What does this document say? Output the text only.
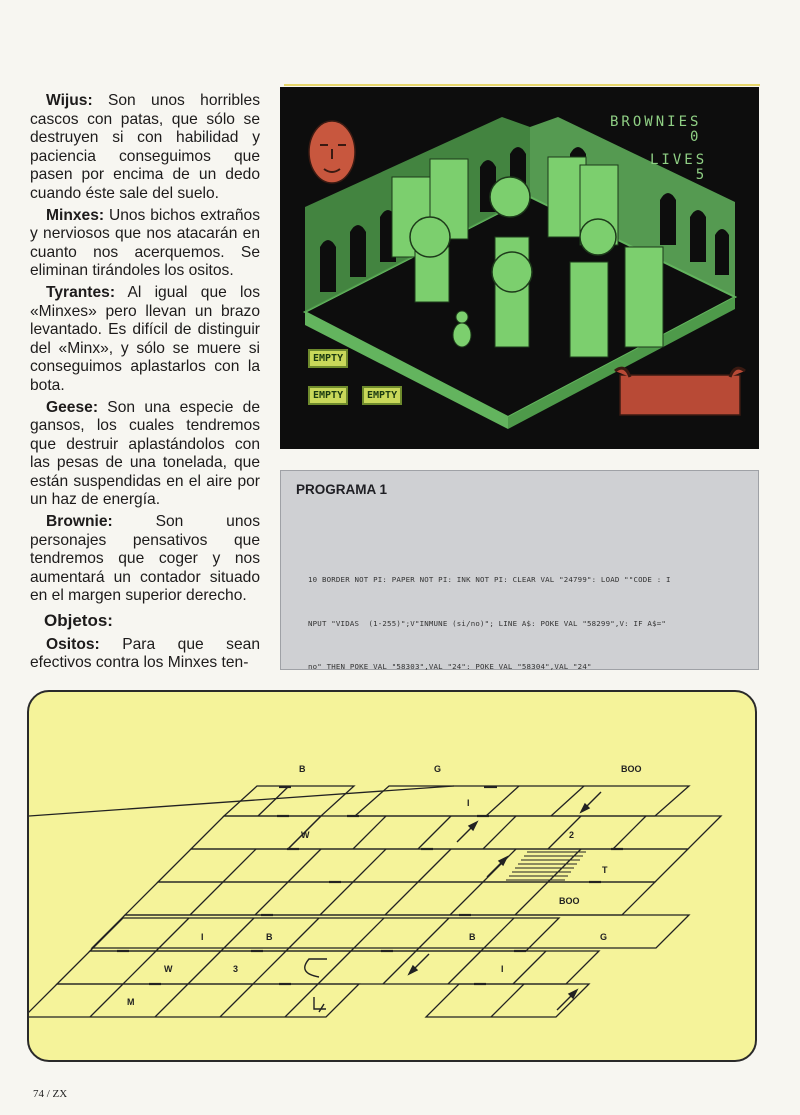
Wijus: Son unos horribles cascos con patas, que sólo se destruyen si con habilidad y paciencia conseguimos que pasen por encima de un dedo cuando éste sale del suelo.

Minxes: Unos bichos extraños y nerviosos que nos atacarán en cuanto nos acerquemos. Se eliminan tirándoles los ositos.

Tyrantes: Al igual que los «Minxes» pero llevan un brazo levantado. Es difícil de distinguir del «Minx», y sólo se muere si conseguimos aplastarlos con la bota.

Geese: Son una especie de gansos, los cuales tendremos que destruir aplastándolos con las pesas de una tonelada, que están suspendidas en el aire por un haz de energía.

Brownie:	Son unos personajes pensativos que tendremos que coger y nos aumentará un contador situado en el margen superior derecho.

Objetos:

Ositos: Para que sean efectivos contra los Minxes ten-

BROWNIES
0
LIVES
5
EMPTY
EMPTY	EMPTY
PROGRAMA 1

10 BORDER NOT PI: PAPER NOT PI: INK NOT PI: CLEAR VAL "24799": LOAD ""CODE : I

NPUT "VIDAS  (1-255)";V"INMUNE (si/no)"; LINE A$: POKE VAL "58299",V: IF A$="

no" THEN POKE VAL "58303",VAL "24": POKE VAL "58304",VAL "24"

B	G	BOO
I
W	2
T
BOO
I	B	B	G
W	3	I
M
74 / ZX
